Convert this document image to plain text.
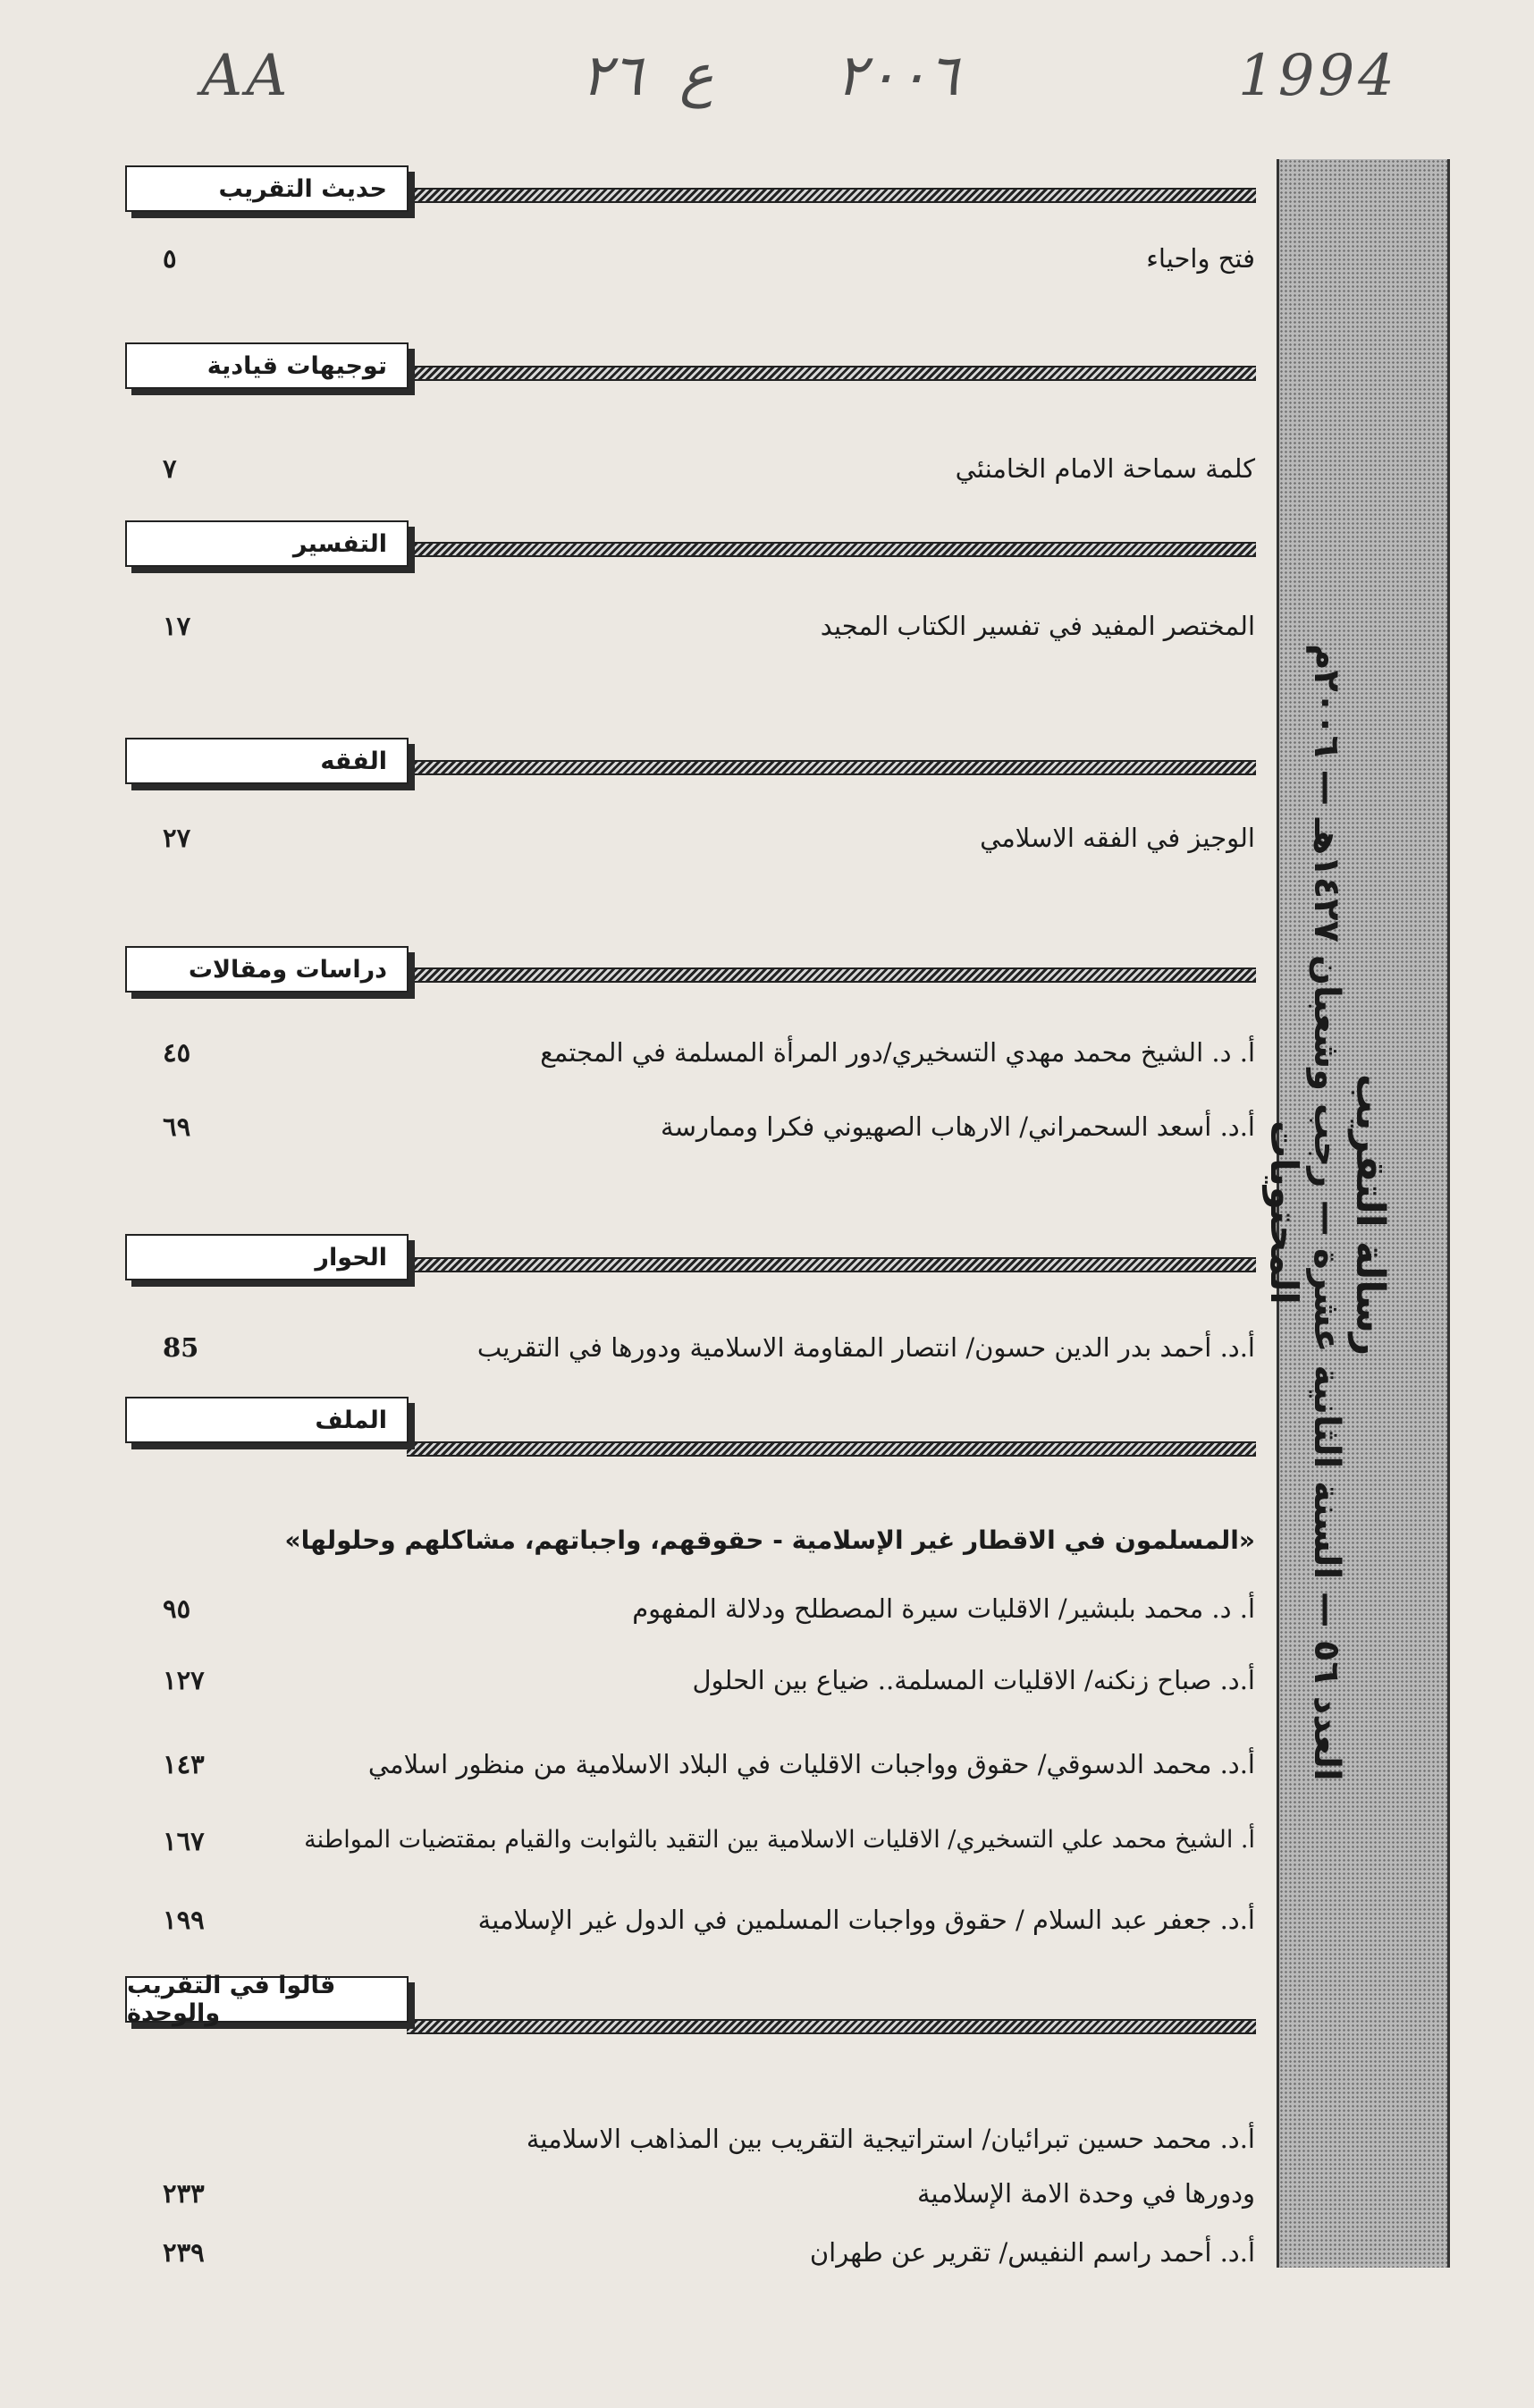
AA	٢٦ ع ٢٠٠٦	1994
رسالة التقريب
العدد ٥٦ — السنة الثانية عشرة — رجب وشعبان ١٤٢٧هـ — ٢٠٠٦م
المحتويات
حديث التقريب
فتح واحياء
٥
توجيهات قيادية
كلمة سماحة الامام الخامنئي
٧
التفسير
المختصر المفيد في تفسير الكتاب المجيد
١٧
الفقه
الوجيز في الفقه الاسلامي
٢٧
دراسات ومقالات
أ. د. الشيخ محمد مهدي التسخيري/دور المرأة المسلمة في المجتمع
٤٥
أ.د. أسعد السحمراني/ الارهاب الصهيوني فكرا وممارسة
٦٩
الحوار
أ.د. أحمد بدر الدين حسون/ انتصار المقاومة الاسلامية ودورها في التقريب
85
الملف
«المسلمون في الاقطار غير الإسلامية - حقوقهم، واجباتهم، مشاكلهم وحلولها»
أ. د. محمد بلبشير/ الاقليات سيرة المصطلح ودلالة المفهوم
٩٥
أ.د. صباح زنكنه/ الاقليات المسلمة.. ضياع بين الحلول
١٢٧
أ.د. محمد الدسوقي/ حقوق وواجبات الاقليات في البلاد الاسلامية من منظور اسلامي
١٤٣
أ. الشيخ محمد علي التسخيري/ الاقليات الاسلامية بين التقيد بالثوابت والقيام بمقتضيات المواطنة
١٦٧
أ.د. جعفر عبد السلام / حقوق وواجبات المسلمين في الدول غير الإسلامية
١٩٩
قالوا في التقريب والوحدة
أ.د. محمد حسين تبرائيان/ استراتيجية التقريب بين المذاهب الاسلامية
ودورها في وحدة الامة الإسلامية
٢٣٣
أ.د. أحمد راسم النفيس/ تقرير عن طهران
٢٣٩
